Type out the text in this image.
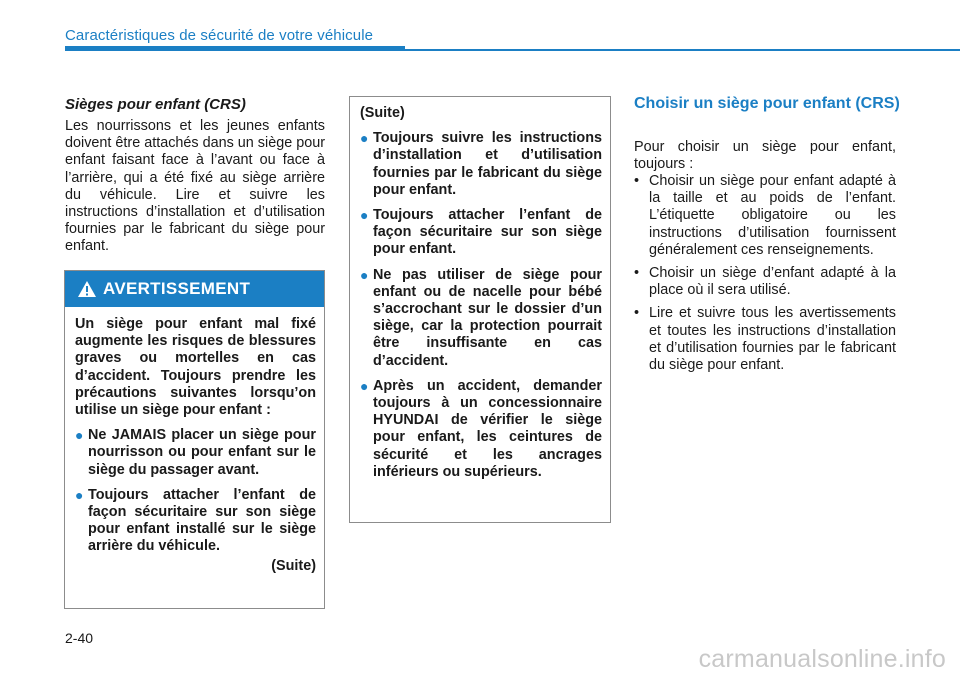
Caractéristiques de sécurité de votre véhicule
Sièges pour enfant (CRS)

Les nourrissons et les jeunes enfants doivent être attachés dans un siège pour enfant faisant face à l’avant ou face à l’arrière, qui a été fixé au siège arrière du véhicule. Lire et suivre les instructions d’installation et d’utilisation fournies par le fabricant du siège pour enfant.

AVERTISSEMENT

Un siège pour enfant mal fixé augmente les risques de blessures graves ou mortelles en cas d’accident. Toujours prendre les précautions suivantes lorsqu’on utilise un siège pour enfant :

● Ne JAMAIS placer un siège pour nourrisson ou pour enfant sur le siège du passager avant.
● Toujours attacher l’enfant de façon sécuritaire sur son siège pour enfant installé sur le siège arrière du véhicule.
(Suite)
(Suite)
● Toujours suivre les instructions d’installation et d’utilisation fournies par le fabricant du siège pour enfant.
● Toujours attacher l’enfant de façon sécuritaire sur son siège pour enfant.
● Ne pas utiliser de siège pour enfant ou de nacelle pour bébé s’accrochant sur le dossier d’un siège, car la protection pourrait être insuffisante en cas d’accident.
● Après un accident, demander toujours à un concessionnaire HYUNDAI de vérifier le siège pour enfant, les ceintures de sécurité et les ancrages inférieurs ou supérieurs.
Choisir un siège pour enfant (CRS)

Pour choisir un siège pour enfant, toujours :

• Choisir un siège pour enfant adapté à la taille et au poids de l’enfant. L’étiquette obligatoire ou les instructions d’utilisation fournissent généralement ces renseignements.
• Choisir un siège d’enfant adapté à la place où il sera utilisé.
• Lire et suivre tous les avertissements et toutes les instructions d’installation et d’utilisation fournies par le fabricant du siège pour enfant.
2-40
carmanualsonline.info
